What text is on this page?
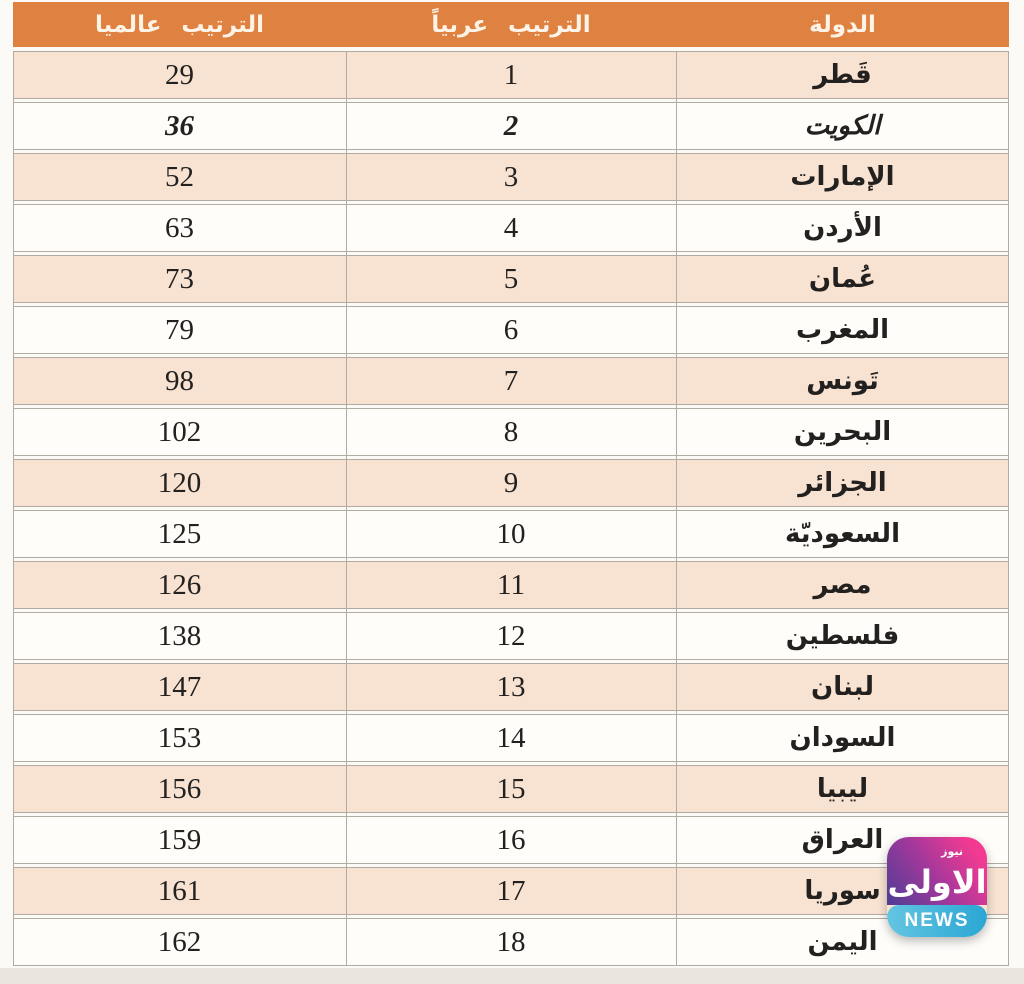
الدولة
الترتيب عربياً
الترتيب عالميا
قَطر
1
29
الكويت
2
36
الإمارات
3
52
الأردن
4
63
عُمان
5
73
المغرب
6
79
تَونس
7
98
البحرين
8
102
الجزائر
9
120
السعوديّة
10
125
مصر
11
126
فلسطين
12
138
لبنان
13
147
السودان
14
153
ليبيا
15
156
العراق
16
159
سوريا
17
161
اليمن
18
162
نيوز
الاولى
NEWS
